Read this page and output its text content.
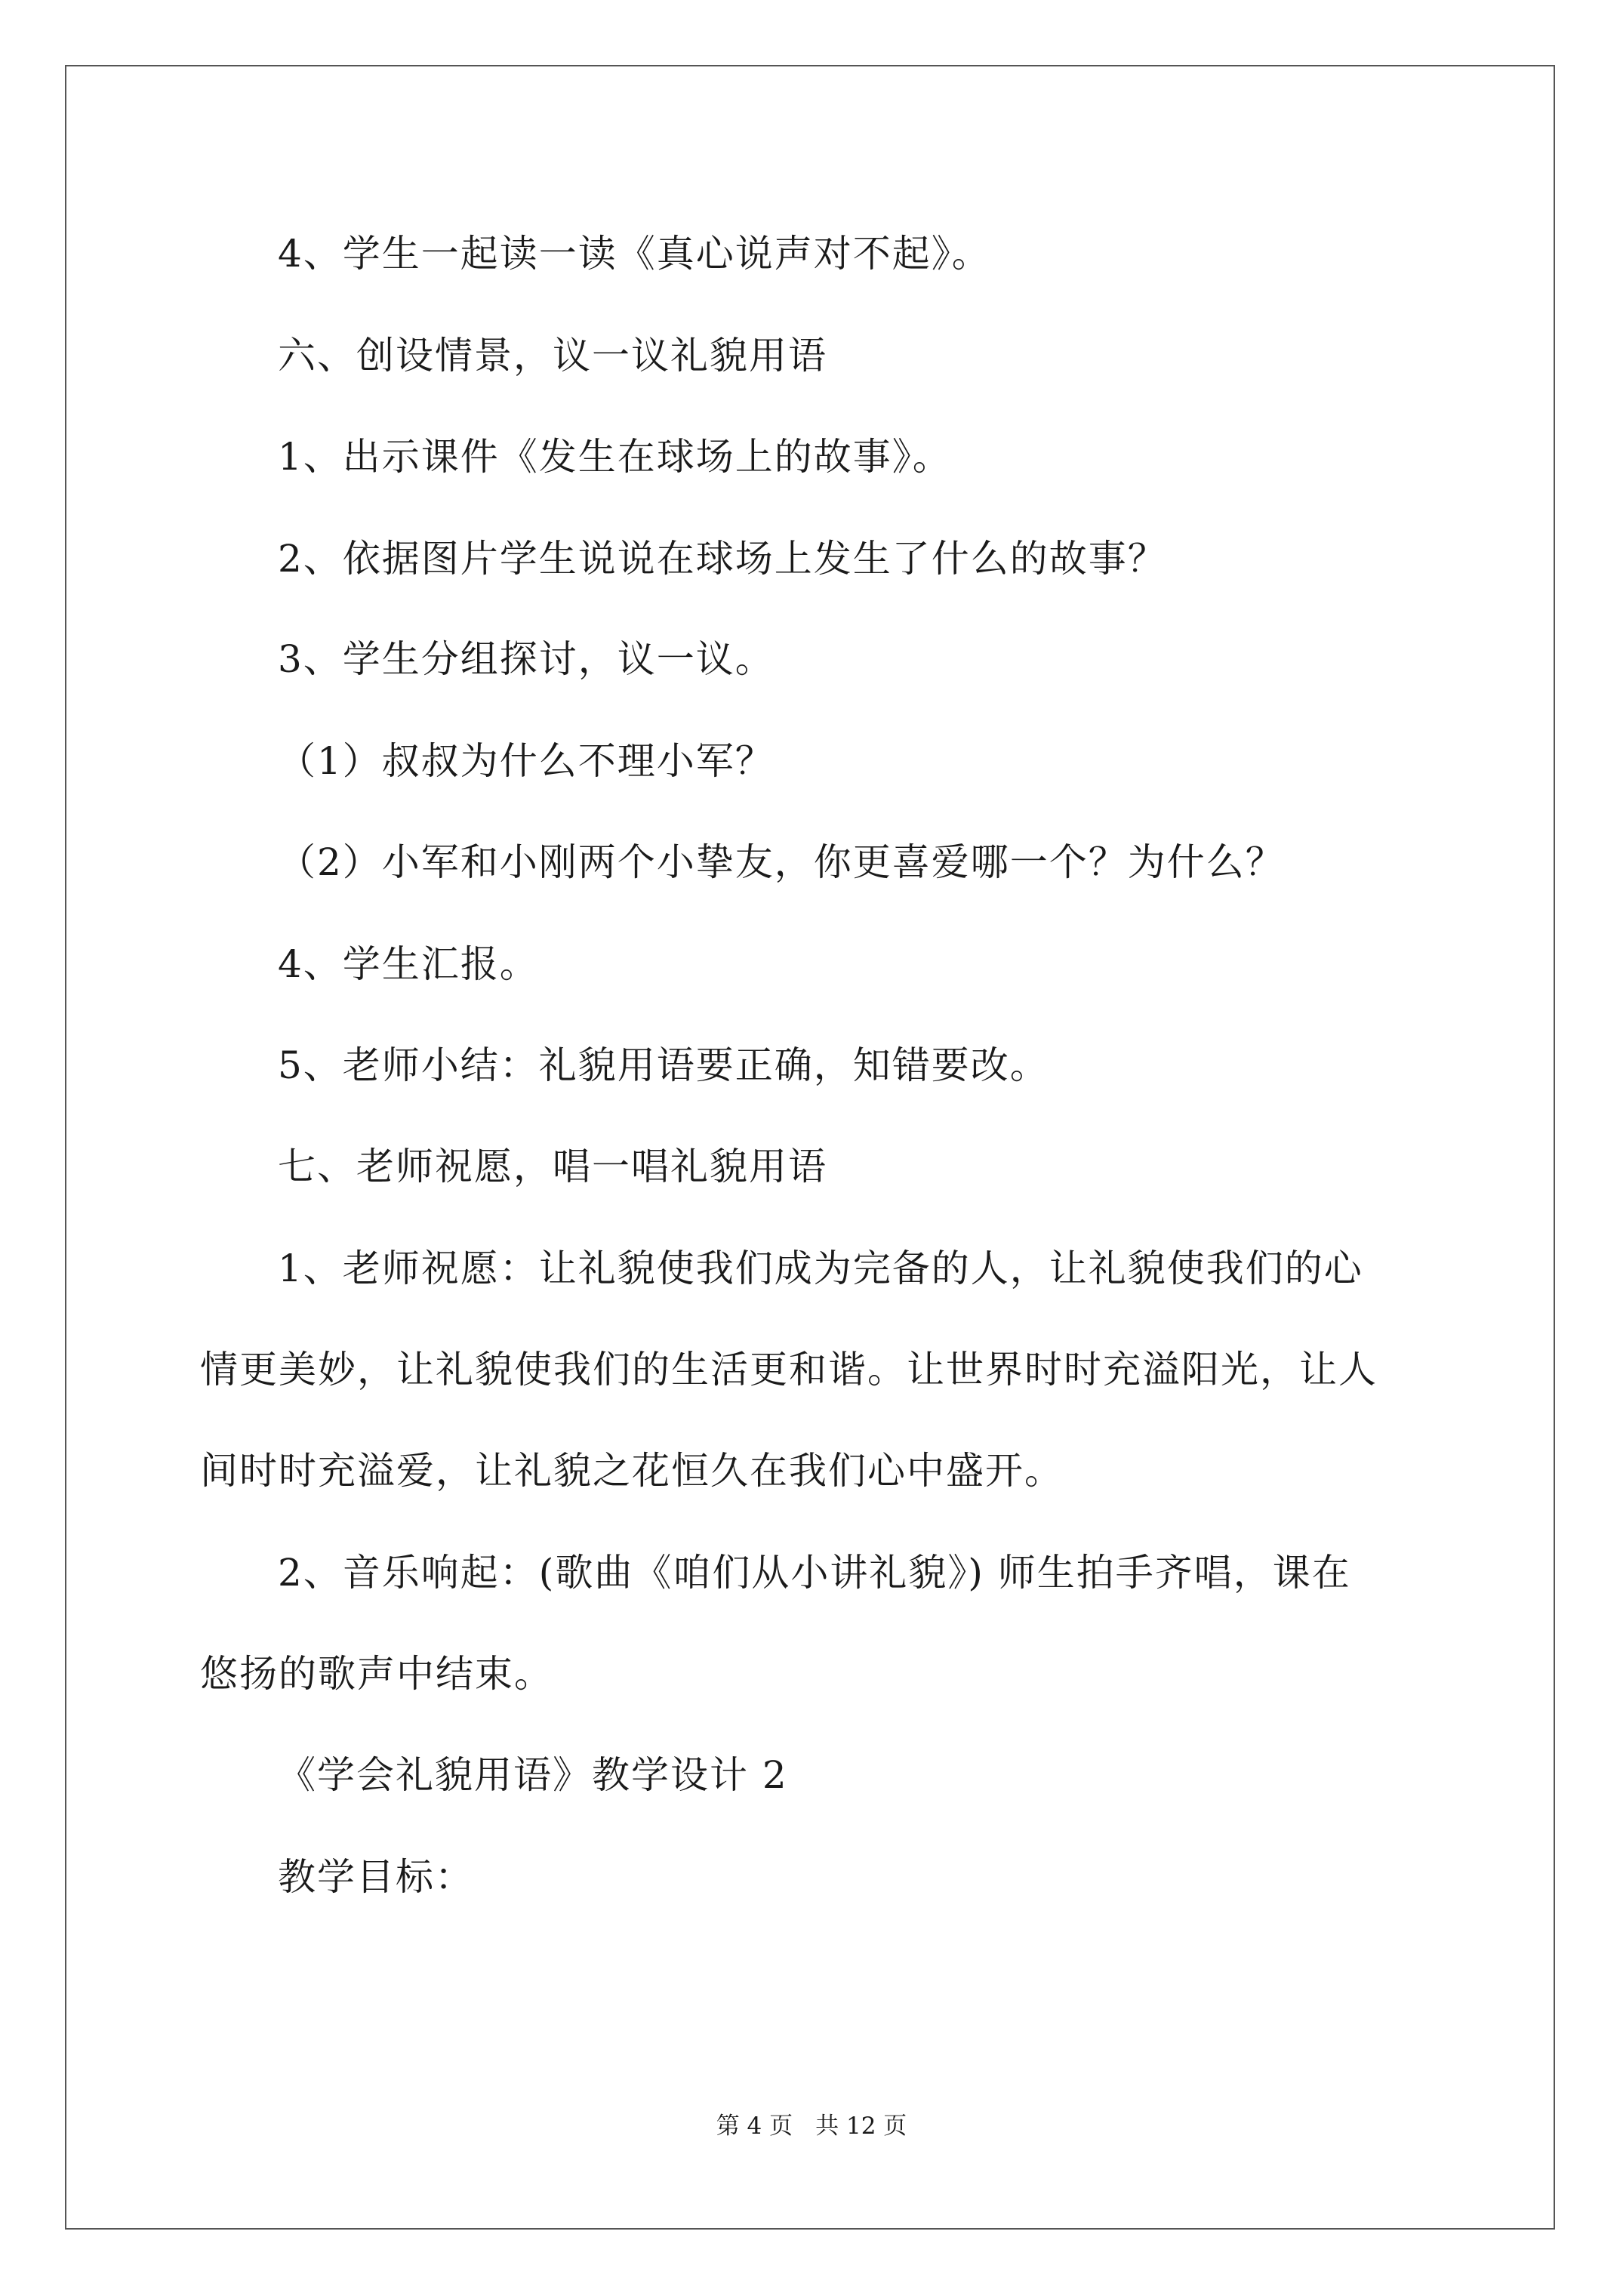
4、学生一起读一读《真心说声对不起》。
六、创设情景，议一议礼貌用语
1、出示课件《发生在球场上的故事》。
2、依据图片学生说说在球场上发生了什么的故事？
3、学生分组探讨，议一议。
（1）叔叔为什么不理小军？
（2）小军和小刚两个小挚友，你更喜爱哪一个？为什么？
4、学生汇报。
5、老师小结：礼貌用语要正确，知错要改。
七、老师祝愿，唱一唱礼貌用语
1、老师祝愿：让礼貌使我们成为完备的人，让礼貌使我们的心
情更美妙，让礼貌使我们的生活更和谐。让世界时时充溢阳光，让人
间时时充溢爱，让礼貌之花恒久在我们心中盛开。
2、音乐响起：(歌曲《咱们从小讲礼貌》) 师生拍手齐唱，课在
悠扬的歌声中结束。
《学会礼貌用语》教学设计 2
教学目标：
第 4 页 共 12 页
